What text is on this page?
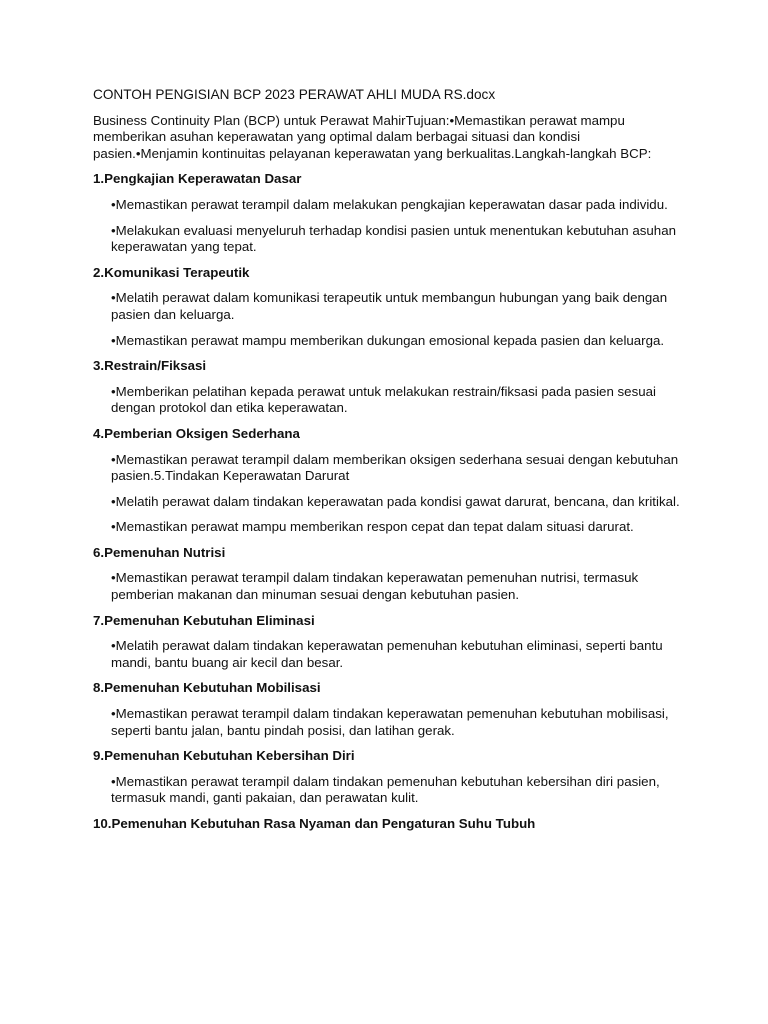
CONTOH PENGISIAN BCP 2023 PERAWAT AHLI MUDA RS.docx

Business Continuity Plan (BCP) untuk Perawat MahirTujuan:•Memastikan perawat mampu memberikan asuhan keperawatan yang optimal dalam berbagai situasi dan kondisi pasien.•Menjamin kontinuitas pelayanan keperawatan yang berkualitas.Langkah-langkah BCP:

1.Pengkajian Keperawatan Dasar

•Memastikan perawat terampil dalam melakukan pengkajian keperawatan dasar pada individu.

•Melakukan evaluasi menyeluruh terhadap kondisi pasien untuk menentukan kebutuhan asuhan keperawatan yang tepat.

2.Komunikasi Terapeutik

•Melatih perawat dalam komunikasi terapeutik untuk membangun hubungan yang baik dengan pasien dan keluarga.

•Memastikan perawat mampu memberikan dukungan emosional kepada pasien dan keluarga.

3.Restrain/Fiksasi

•Memberikan pelatihan kepada perawat untuk melakukan restrain/fiksasi pada pasien sesuai dengan protokol dan etika keperawatan.

4.Pemberian Oksigen Sederhana

•Memastikan perawat terampil dalam memberikan oksigen sederhana sesuai dengan kebutuhan pasien.5.Tindakan Keperawatan Darurat

•Melatih perawat dalam tindakan keperawatan pada kondisi gawat darurat, bencana, dan kritikal.

•Memastikan perawat mampu memberikan respon cepat dan tepat dalam situasi darurat.

6.Pemenuhan Nutrisi

•Memastikan perawat terampil dalam tindakan keperawatan pemenuhan nutrisi, termasuk pemberian makanan dan minuman sesuai dengan kebutuhan pasien.

7.Pemenuhan Kebutuhan Eliminasi

•Melatih perawat dalam tindakan keperawatan pemenuhan kebutuhan eliminasi, seperti bantu mandi, bantu buang air kecil dan besar.

8.Pemenuhan Kebutuhan Mobilisasi

•Memastikan perawat terampil dalam tindakan keperawatan pemenuhan kebutuhan mobilisasi, seperti bantu jalan, bantu pindah posisi, dan latihan gerak.

9.Pemenuhan Kebutuhan Kebersihan Diri

•Memastikan perawat terampil dalam tindakan pemenuhan kebutuhan kebersihan diri pasien, termasuk mandi, ganti pakaian, dan perawatan kulit.

10.Pemenuhan Kebutuhan Rasa Nyaman dan Pengaturan Suhu Tubuh
